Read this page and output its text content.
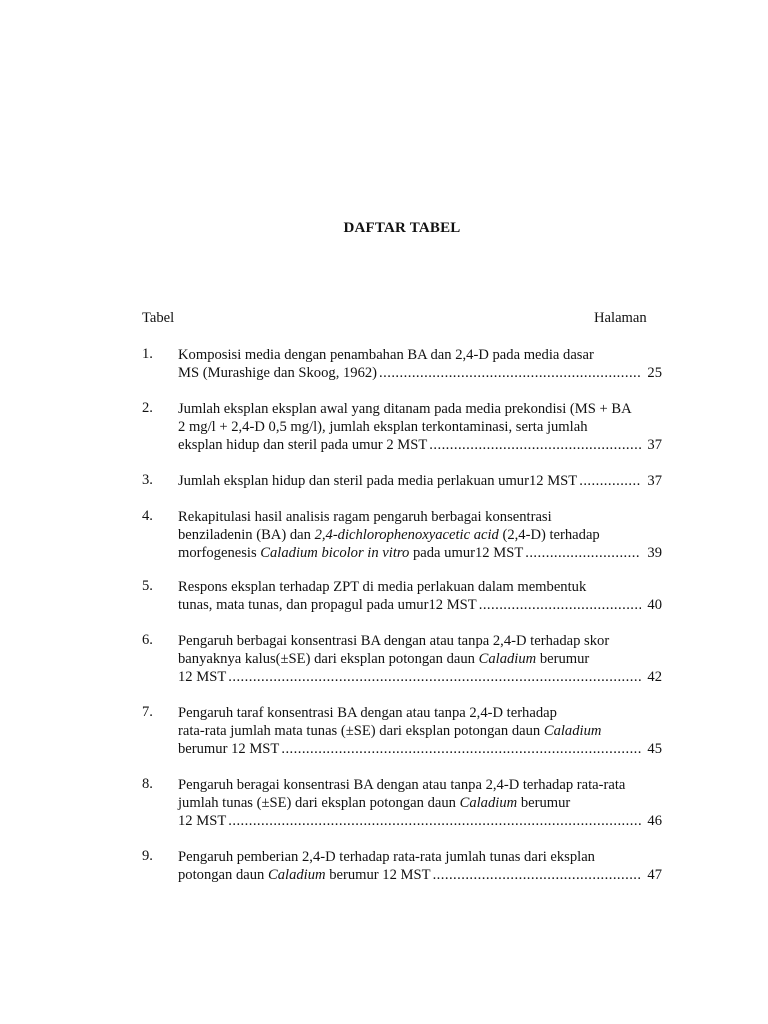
DAFTAR TABEL
Tabel	Halaman
1. Komposisi media dengan penambahan BA dan 2,4-D pada media dasar
MS (Murashige dan Skoog, 1962) . . .	25
2. Jumlah eksplan eksplan awal yang ditanam pada media prekondisi (MS + BA
2 mg/l + 2,4-D 0,5 mg/l), jumlah eksplan terkontaminasi, serta jumlah
eksplan hidup dan steril pada umur 2 MST . . .	37
3. Jumlah eksplan hidup dan steril pada media perlakuan umur12 MST . . .	37
4. Rekapitulasi hasil analisis ragam pengaruh berbagai konsentrasi
benziladenin (BA) dan 2,4-dichlorophenoxyacetic acid (2,4-D) terhadap
morfogenesis Caladium bicolor in vitro pada umur12 MST . . .	39
5. Respons eksplan terhadap ZPT di media perlakuan dalam membentuk
tunas, mata tunas, dan propagul pada umur12 MST . . .	40
6. Pengaruh berbagai konsentrasi BA dengan atau tanpa 2,4-D terhadap skor
banyaknya kalus(±SE) dari eksplan potongan daun Caladium berumur
12 MST . . .	42
7. Pengaruh taraf konsentrasi BA dengan atau tanpa 2,4-D terhadap
rata-rata jumlah mata tunas (±SE) dari eksplan potongan daun Caladium
berumur 12 MST . . .	45
8. Pengaruh beragai konsentrasi BA dengan atau tanpa 2,4-D terhadap rata-rata
jumlah tunas (±SE) dari eksplan potongan daun Caladium berumur
12 MST . . .	46
9. Pengaruh pemberian 2,4-D terhadap rata-rata jumlah tunas dari eksplan
potongan daun Caladium berumur 12 MST . . .	47
